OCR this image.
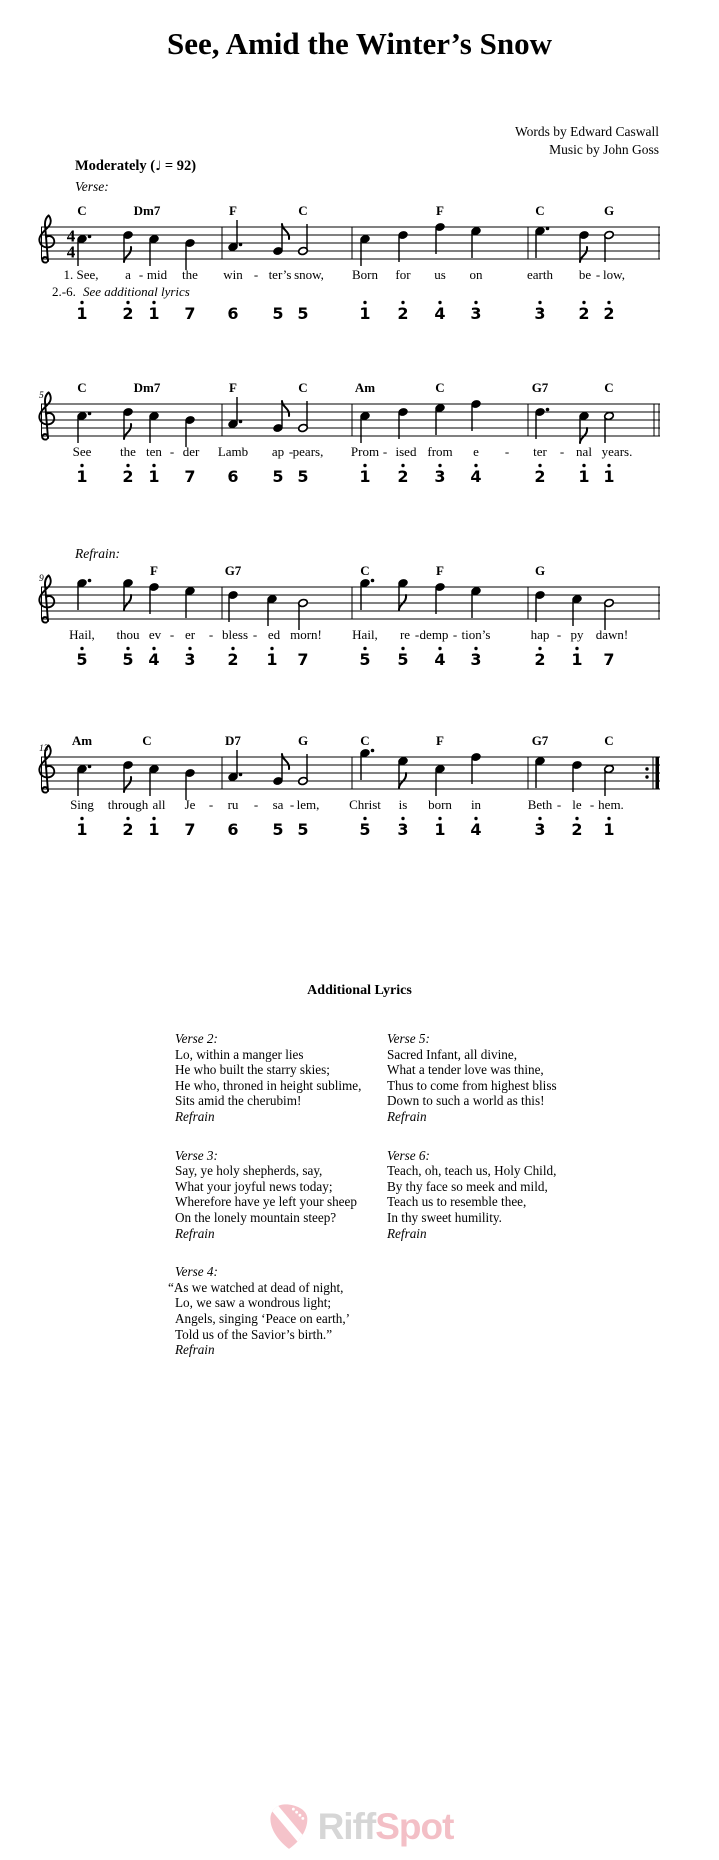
See, Amid the Winter’s Snow
Words by Edward Caswall
Music by John Goss
Moderately (♩ = 92)
Verse:
Refrain:
4
4
C	Dm7	F	C	F	C	G
1. See, a - mid the win - ter’s snow, Born for us on	earth be - low,
2.-6. See additional lyrics
1 2 1 7 6 5 5	1 2 4 3	3 2 2
5
C	Dm7	F	C	Am	C	G7	C
See the ten - der Lamb ap - pears, Prom - ised from e - ter - nal years.
1 2 1 7 6 5 5	1 2 3 4	2 1 1
9
F	G7	C	F	G
Hail, thou ev - er - bless - ed morn! Hail, re - demp - tion’s	hap - py dawn!
5 5 4 3 2 1 7	5 5 4 3	2 1 7
13
Am	C	D7	G	C	F	G7	C
Sing through all Je - ru - sa - lem, Christ is born in	Beth - le - hem.
1 2 1 7 6 5 5	5 3 1 4	3 2 1
Additional Lyrics
Verse 2:
Lo, within a manger lies
He who built the starry skies;
He who, throned in height sublime,
Sits amid the cherubim!
Refrain
Verse 3:
Say, ye holy shepherds, say,
What your joyful news today;
Wherefore have ye left your sheep
On the lonely mountain steep?
Refrain
Verse 4:
“As we watched at dead of night,
Lo, we saw a wondrous light;
Angels, singing ‘Peace on earth,’
Told us of the Savior’s birth.”
Refrain
Verse 5:
Sacred Infant, all divine,
What a tender love was thine,
Thus to come from highest bliss
Down to such a world as this!
Refrain
Verse 6:
Teach, oh, teach us, Holy Child,
By thy face so meek and mild,
Teach us to resemble thee,
In thy sweet humility.
Refrain
RiffSpot
